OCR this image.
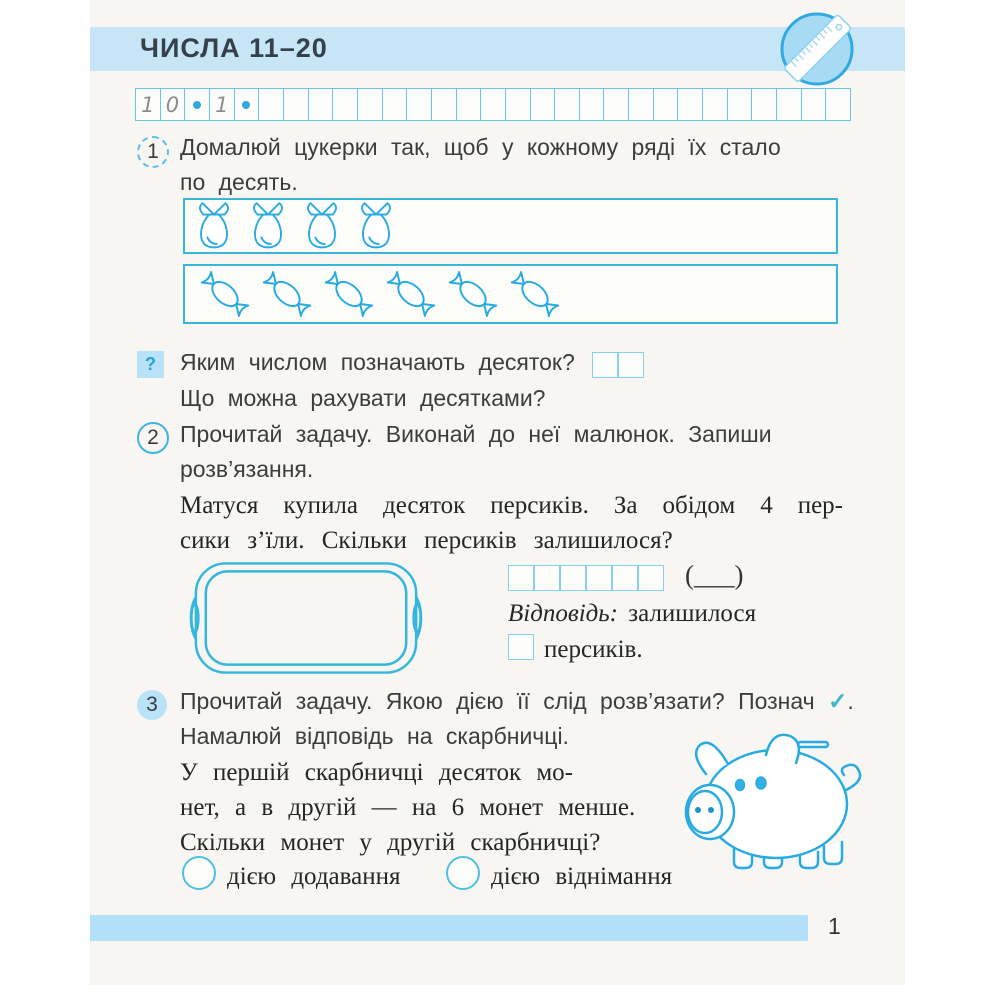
ЧИСЛА 11–20
1 0 1
1 Домалюй цукерки так, щоб у кожному ряді їх стало
по десять.
? Яким числом позначають десяток?
Що можна рахувати десятками?
2 Прочитай задачу. Виконай до неї малюнок. Запиши
розв’язання.
Матуся купила десяток персиків. За обідом 4 пер-
сики з’їли. Скільки персиків залишилося?
(___)
Відповідь: залишилося
персиків.
3 Прочитай задачу. Якою дією її слід розв’язати? Познач ✓.
Намалюй відповідь на скарбничці.
У першій скарбничці десяток мо-
нет, а в другій — на 6 монет менше.
Скільки монет у другій скарбничці?
дією додавання	дією віднімання
1
